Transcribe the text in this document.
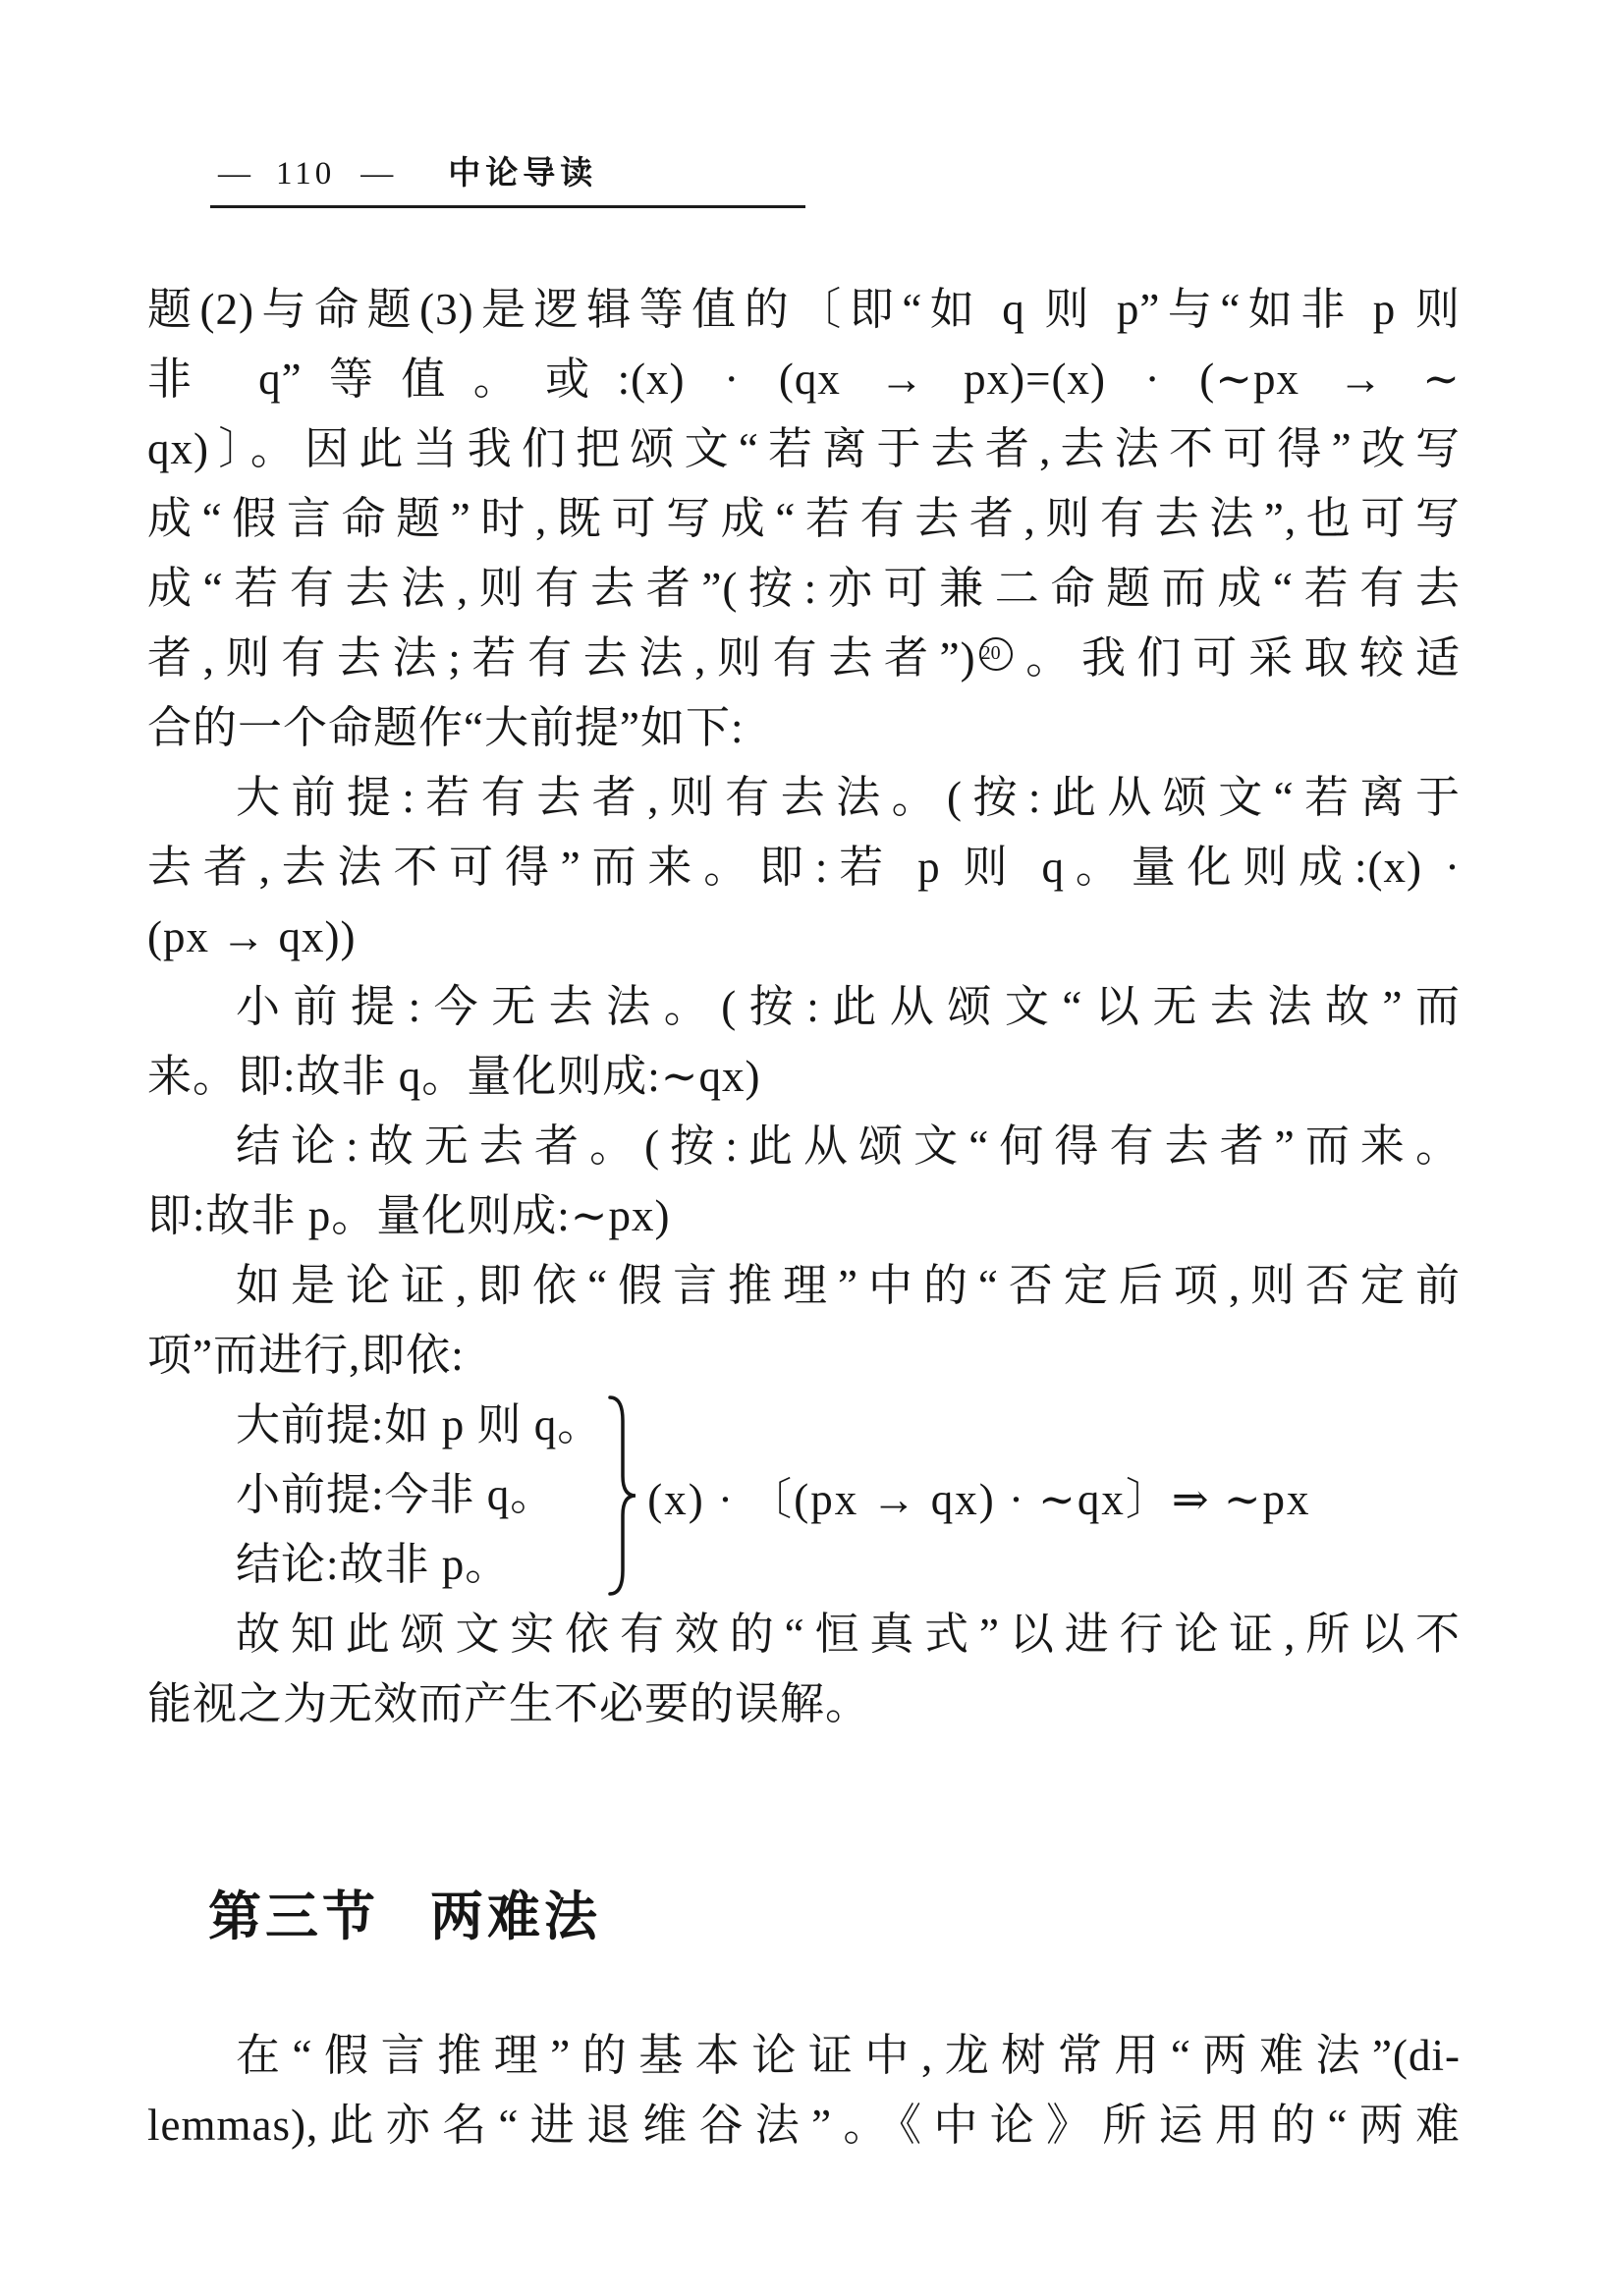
— 110 — 中论导读
题(2)与命题(3)是逻辑等值的〔即“如 q 则 p”与“如非 p 则
非 q”等值。或:(x) · (qx → px)=(x) · (∼px → ∼
qx)〕。因此当我们把颂文“若离于去者,去法不可得”改写
成“假言命题”时,既可写成“若有去者,则有去法”,也可写
成“若有去法,则有去者”(按:亦可兼二命题而成“若有去
者,则有去法;若有去法,则有去者”) 20 。我们可采取较适
合的一个命题作“大前提”如下:
大前提:若有去者,则有去法。(按:此从颂文“若离于
去者,去法不可得”而来。即:若 p 则 q。量化则成:(x) ·
(px → qx))
小前提:今无去法。(按:此从颂文“以无去法故”而
来。即:故非 q。量化则成:∼qx)
结论:故无去者。(按:此从颂文“何得有去者”而来。
即:故非 p。量化则成:∼px)
如是论证,即依“假言推理”中的“否定后项,则否定前
项”而进行,即依:
大前提:如 p 则 q。
小前提:今非 q。
结论:故非 p。
(x) · 〔(px → qx) · ∼qx〕⇒ ∼px
故知此颂文实依有效的“恒真式”以进行论证,所以不
能视之为无效而产生不必要的误解。
第三节 两难法
在“假言推理”的基本论证中,龙树常用“两难法”(di-
lemmas),此亦名“进退维谷法”。《中论》所运用的“两难
